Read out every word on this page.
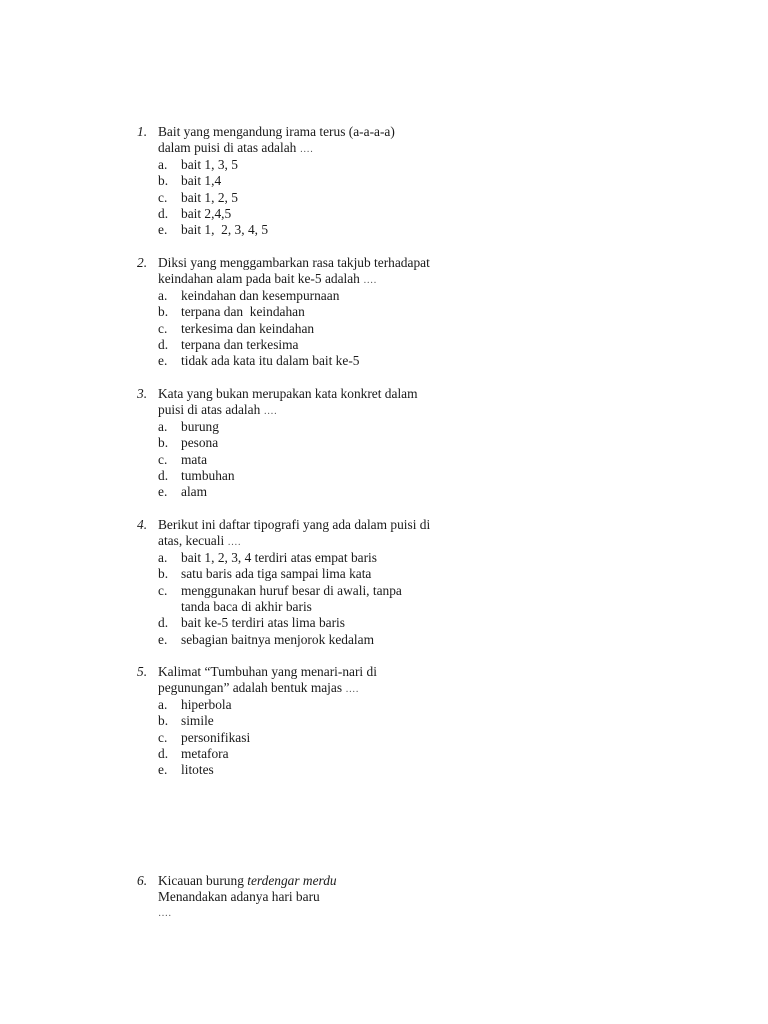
1. Bait yang mengandung irama terus (a-a-a-a)
dalam puisi di atas adalah ….
a. bait 1, 3, 5
b. bait 1,4
c. bait 1, 2, 5
d. bait 2,4,5
e. bait 1,  2, 3, 4, 5
2. Diksi yang menggambarkan rasa takjub terhadapat
keindahan alam pada bait ke-5 adalah ….
a. keindahan dan kesempurnaan
b. terpana dan  keindahan
c. terkesima dan keindahan
d. terpana dan terkesima
e. tidak ada kata itu dalam bait ke-5
3. Kata yang bukan merupakan kata konkret dalam
puisi di atas adalah ….
a. burung
b. pesona
c. mata
d. tumbuhan
e. alam
4. Berikut ini daftar tipografi yang ada dalam puisi di
atas, kecuali ….
a. bait 1, 2, 3, 4 terdiri atas empat baris
b. satu baris ada tiga sampai lima kata
c. menggunakan huruf besar di awali, tanpa
tanda baca di akhir baris
d. bait ke-5 terdiri atas lima baris
e. sebagian baitnya menjorok kedalam
5. Kalimat “Tumbuhan yang menari-nari di
pegunungan” adalah bentuk majas ….
a. hiperbola
b. simile
c. personifikasi
d. metafora
e. litotes
6. Kicauan burung terdengar merdu
Menandakan adanya hari baru
….
